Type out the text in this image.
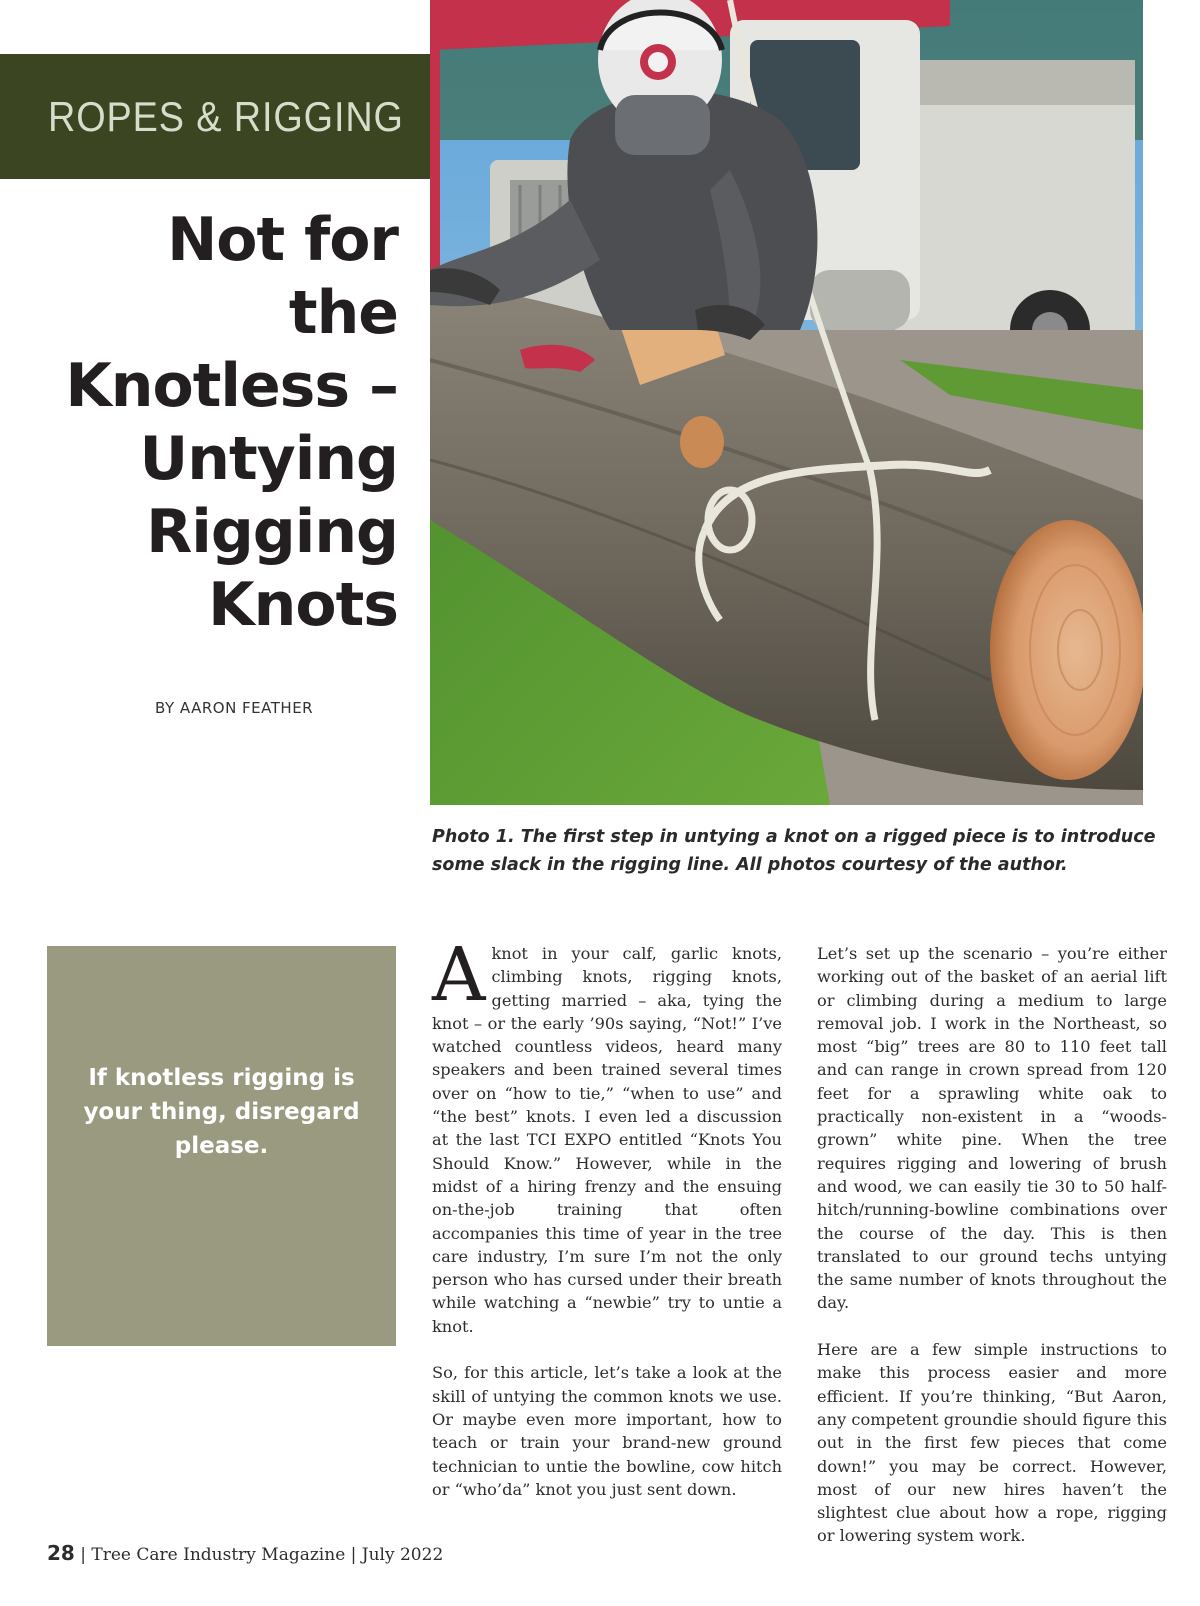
ROPES & RIGGING
Not for the Knotless – Untying Rigging Knots
BY AARON FEATHER

Photo 1. The first step in untying a knot on a rigged piece is to introduce some slack in the rigging line. All photos courtesy of the author.

If knotless rigging is your thing, disregard please.

Aknot in your calf, garlic knots, climbing knots, rigging knots, getting married – aka, tying the knot – or the early ’90s saying, “Not!” I’ve watched countless videos, heard many speakers and been trained several times over on “how to tie,” “when to use” and “the best” knots. I even led a discussion at the last TCI EXPO entitled “Knots You Should Know.” However, while in the midst of a hiring frenzy and the ensuing on-the-job training that often accompanies this time of year in the tree care industry, I’m sure I’m not the only person who has cursed under their breath while watching a “newbie” try to untie a knot.

So, for this article, let’s take a look at the skill of untying the common knots we use. Or maybe even more important, how to teach or train your brand-new ground technician to untie the bowline, cow hitch or “who’da” knot you just sent down.

Let’s set up the scenario – you’re either working out of the basket of an aerial lift or climbing during a medium to large removal job. I work in the Northeast, so most “big” trees are 80 to 110 feet tall and can range in crown spread from 120 feet for a sprawling white oak to practically non-existent in a “woods-grown” white pine. When the tree requires rigging and lowering of brush and wood, we can easily tie 30 to 50 half-hitch/running-bowline combinations over the course of the day. This is then translated to our ground techs untying the same number of knots throughout the day.

Here are a few simple instructions to make this process easier and more efficient. If you’re thinking, “But Aaron, any competent groundie should figure this out in the first few pieces that come down!” you may be correct. However, most of our new hires haven’t the slightest clue about how a rope, rigging or lowering system work.

28 | Tree Care Industry Magazine | July 2022
